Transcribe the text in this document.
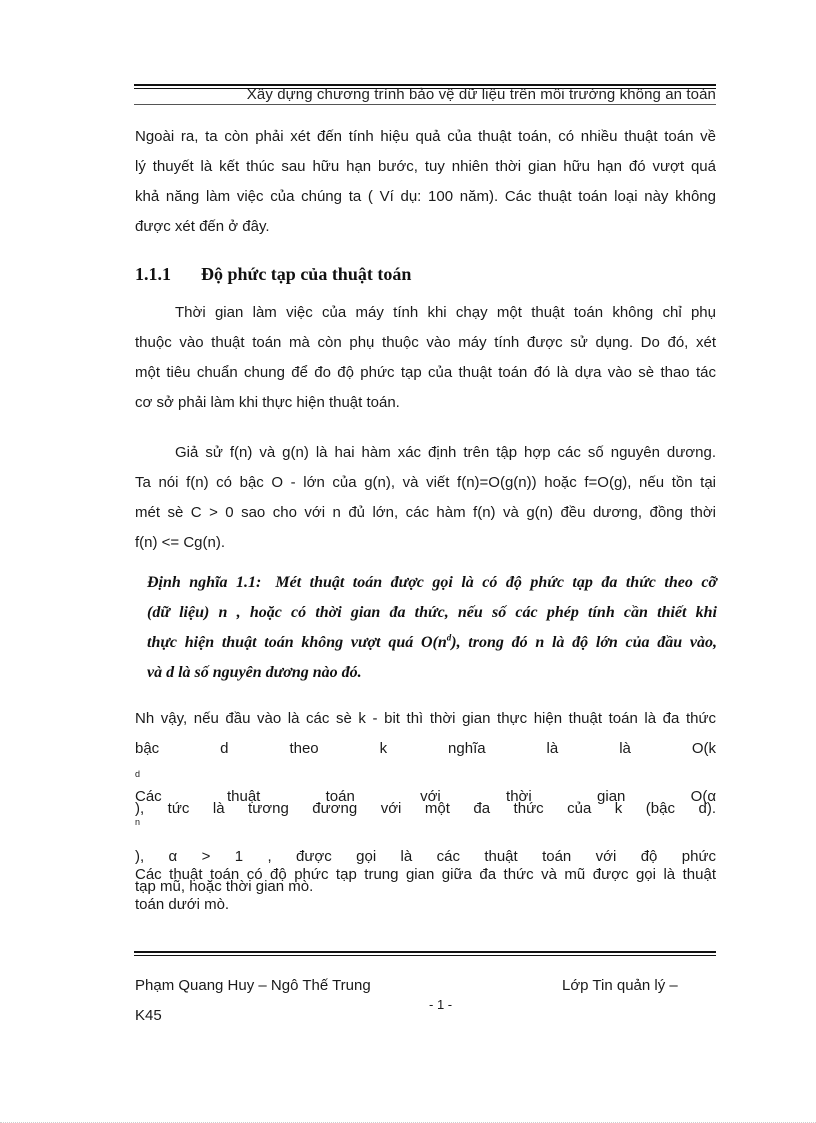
Xây dựng chương trình bảo vệ dữ liệu trên môi trường không an toàn

Ngoài ra, ta còn phải xét đến tính hiệu quả của thuật toán, có nhiều thuật toán về
lý thuyết là kết thúc sau hữu hạn bước, tuy nhiên thời gian hữu hạn đó vượt quá
khả năng làm việc của chúng ta ( Ví dụ: 100 năm). Các thuật toán loại này không
được xét đến ở đây.

1.1.1 Độ phức tạp của thuật toán

Thời gian làm việc của máy tính khi chạy một thuật toán không chỉ phụ
thuộc vào thuật toán mà còn phụ thuộc vào máy tính được sử dụng. Do đó, xét
một tiêu chuẩn chung để đo độ phức tạp của thuật toán đó là dựa vào sè thao tác
cơ sở phải làm khi thực hiện thuật toán.

Giả sử f(n) và g(n) là hai hàm xác định trên tập hợp các số nguyên dương.
Ta nói f(n) có bậc O - lớn của g(n), và viết f(n)=O(g(n)) hoặc f=O(g), nếu tồn tại
mét sè C > 0 sao cho với n đủ lớn, các hàm f(n) và g(n) đều dương, đồng thời
f(n) <= Cg(n).

Định nghĩa 1.1: Mét thuật toán được gọi là có độ phức tạp đa thức theo cỡ
(dữ liệu) n , hoặc có thời gian đa thức, nếu số các phép tính cần thiết khi
thực hiện thuật toán không vượt quá $O(n^d)$, trong đó n là độ lớn của đầu vào,
và d là số nguyên dương nào đó.

Nh vậy, nếu đầu vào là các sè k - bit thì thời gian thực hiện thuật toán là đa thức
bậc d theo k nghĩa là là O(k
$^d$
), tức là tương đương với một đa thức của k (bậc d).

Các thuật toán với thời gian O(α
$^n$
), α > 1 , được gọi là các thuật toán với độ phức
tạp mũ, hoặc thời gian mò.

Các thuật toán có độ phức tạp trung gian giữa đa thức và mũ được gọi là thuật
toán dưới mò.

Phạm Quang Huy – Ngô Thế Trung	Lớp Tin quản lý –
- 1 -
K45
